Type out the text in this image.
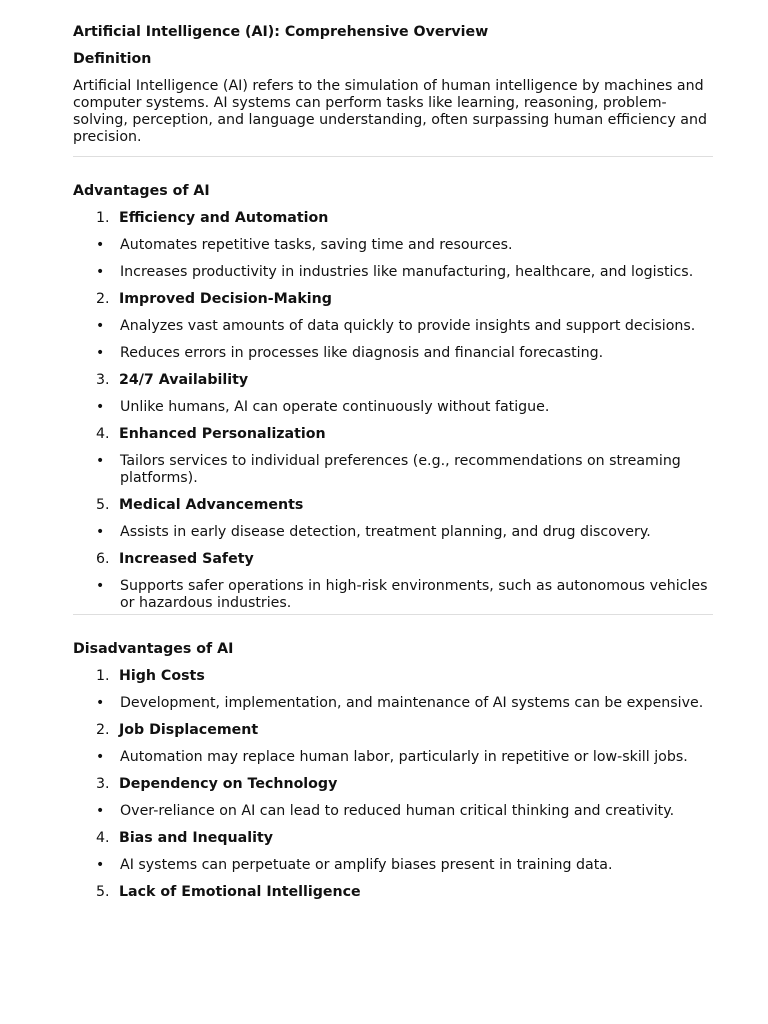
Artificial Intelligence (AI): Comprehensive Overview
Definition
Artificial Intelligence (AI) refers to the simulation of human intelligence by machines and computer systems. AI systems can perform tasks like learning, reasoning, problem-solving, perception, and language understanding, often surpassing human efficiency and precision.
Advantages of AI
1. Efficiency and Automation
• Automates repetitive tasks, saving time and resources.
• Increases productivity in industries like manufacturing, healthcare, and logistics.
2. Improved Decision-Making
• Analyzes vast amounts of data quickly to provide insights and support decisions.
• Reduces errors in processes like diagnosis and financial forecasting.
3. 24/7 Availability
• Unlike humans, AI can operate continuously without fatigue.
4. Enhanced Personalization
• Tailors services to individual preferences (e.g., recommendations on streaming platforms).
5. Medical Advancements
• Assists in early disease detection, treatment planning, and drug discovery.
6. Increased Safety
• Supports safer operations in high-risk environments, such as autonomous vehicles or hazardous industries.
Disadvantages of AI
1. High Costs
• Development, implementation, and maintenance of AI systems can be expensive.
2. Job Displacement
• Automation may replace human labor, particularly in repetitive or low-skill jobs.
3. Dependency on Technology
• Over-reliance on AI can lead to reduced human critical thinking and creativity.
4. Bias and Inequality
• AI systems can perpetuate or amplify biases present in training data.
5. Lack of Emotional Intelligence
